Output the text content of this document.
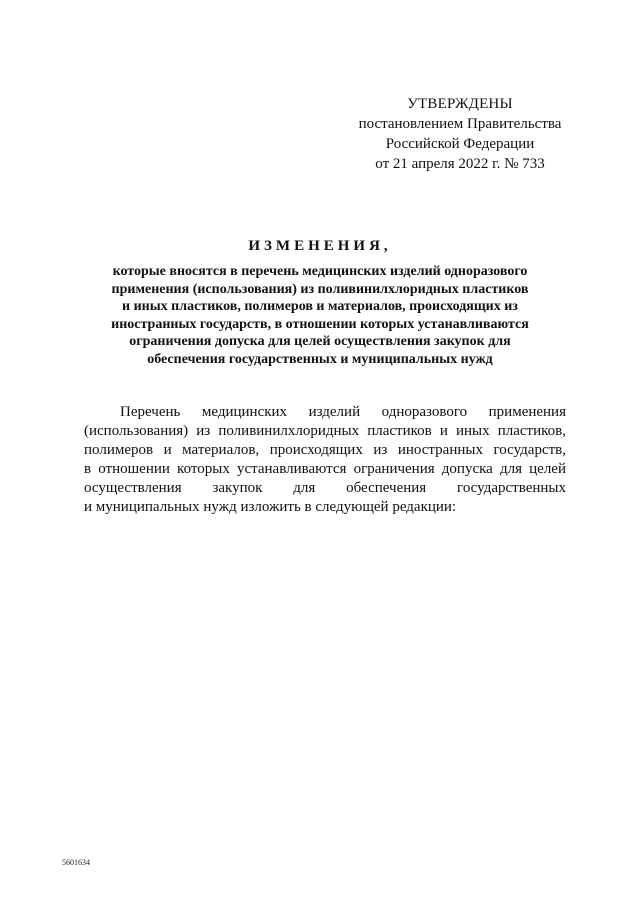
УТВЕРЖДЕНЫ
постановлением Правительства
Российской Федерации
от 21 апреля 2022 г. № 733
ИЗМЕНЕНИЯ,
которые вносятся в перечень медицинских изделий одноразового
применения (использования) из поливинилхлоридных пластиков
и иных пластиков, полимеров и материалов, происходящих из
иностранных государств, в отношении которых устанавливаются
ограничения допуска для целей осуществления закупок для
обеспечения государственных и муниципальных нужд
Перечень медицинских изделий одноразового применения
(использования) из поливинилхлоридных пластиков и иных пластиков,
полимеров и материалов, происходящих из иностранных государств,
в отношении которых устанавливаются ограничения допуска для целей
осуществления закупок для обеспечения государственных
и муниципальных нужд изложить в следующей редакции:
5601634
